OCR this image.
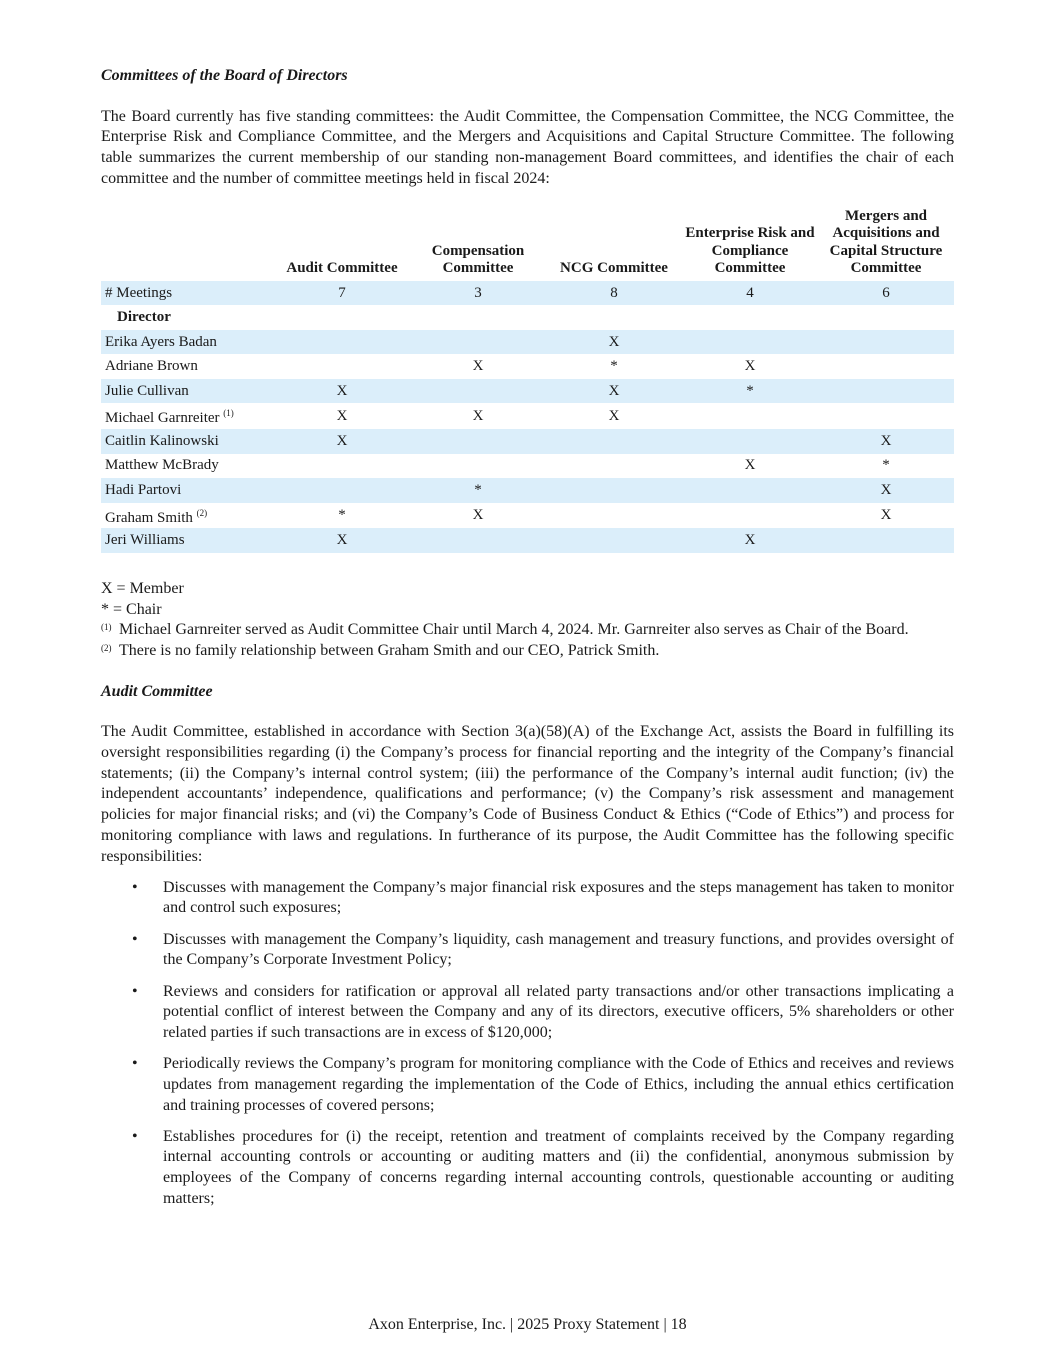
Committees of the Board of Directors

The Board currently has five standing committees: the Audit Committee, the Compensation Committee, the NCG Committee, the Enterprise Risk and Compliance Committee, and the Mergers and Acquisitions and Capital Structure Committee. The following table summarizes the current membership of our standing non-management Board committees, and identifies the chair of each committee and the number of committee meetings held in fiscal 2024:

	Audit Committee	Compensation Committee	NCG Committee	Enterprise Risk and Compliance Committee	Mergers and Acquisitions and Capital Structure Committee
# Meetings	7	3	8	4	6
Director					
Erika Ayers Badan			X		
Adriane Brown		X	*	X	
Julie Cullivan	X		X	*	
Michael Garnreiter $^{(1)}$	X	X	X		
Caitlin Kalinowski	X				X
Matthew McBrady				X	*
Hadi Partovi		*			X
Graham Smith $^{(2)}$	*	X			X
Jeri Williams	X			X	
X = Member
* = Chair
(1) Michael Garnreiter served as Audit Committee Chair until March 4, 2024. Mr. Garnreiter also serves as Chair of the Board.

(2) There is no family relationship between Graham Smith and our CEO, Patrick Smith.

Audit Committee

The Audit Committee, established in accordance with Section 3(a)(58)(A) of the Exchange Act, assists the Board in fulfilling its oversight responsibilities regarding (i) the Company’s process for financial reporting and the integrity of the Company’s financial statements; (ii) the Company’s internal control system; (iii) the performance of the Company’s internal audit function; (iv) the independent accountants’ independence, qualifications and performance; (v) the Company’s risk assessment and management policies for major financial risks; and (vi) the Company’s Code of Business Conduct & Ethics (“Code of Ethics”) and process for monitoring compliance with laws and regulations. In furtherance of its purpose, the Audit Committee has the following specific responsibilities:

•	Discusses with management the Company’s major financial risk exposures and the steps management has taken to monitor and control such exposures;
•	Discusses with management the Company’s liquidity, cash management and treasury functions, and provides oversight of the Company’s Corporate Investment Policy;
•	Reviews and considers for ratification or approval all related party transactions and/or other transactions implicating a potential conflict of interest between the Company and any of its directors, executive officers, 5% shareholders or other related parties if such transactions are in excess of $120,000;
•	Periodically reviews the Company’s program for monitoring compliance with the Code of Ethics and receives and reviews updates from management regarding the implementation of the Code of Ethics, including the annual ethics certification and training processes of covered persons;
•	Establishes procedures for (i) the receipt, retention and treatment of complaints received by the Company regarding internal accounting controls or accounting or auditing matters and (ii) the confidential, anonymous submission by employees of the Company of concerns regarding internal accounting controls, questionable accounting or auditing matters;
Axon Enterprise, Inc. | 2025 Proxy Statement | 18
